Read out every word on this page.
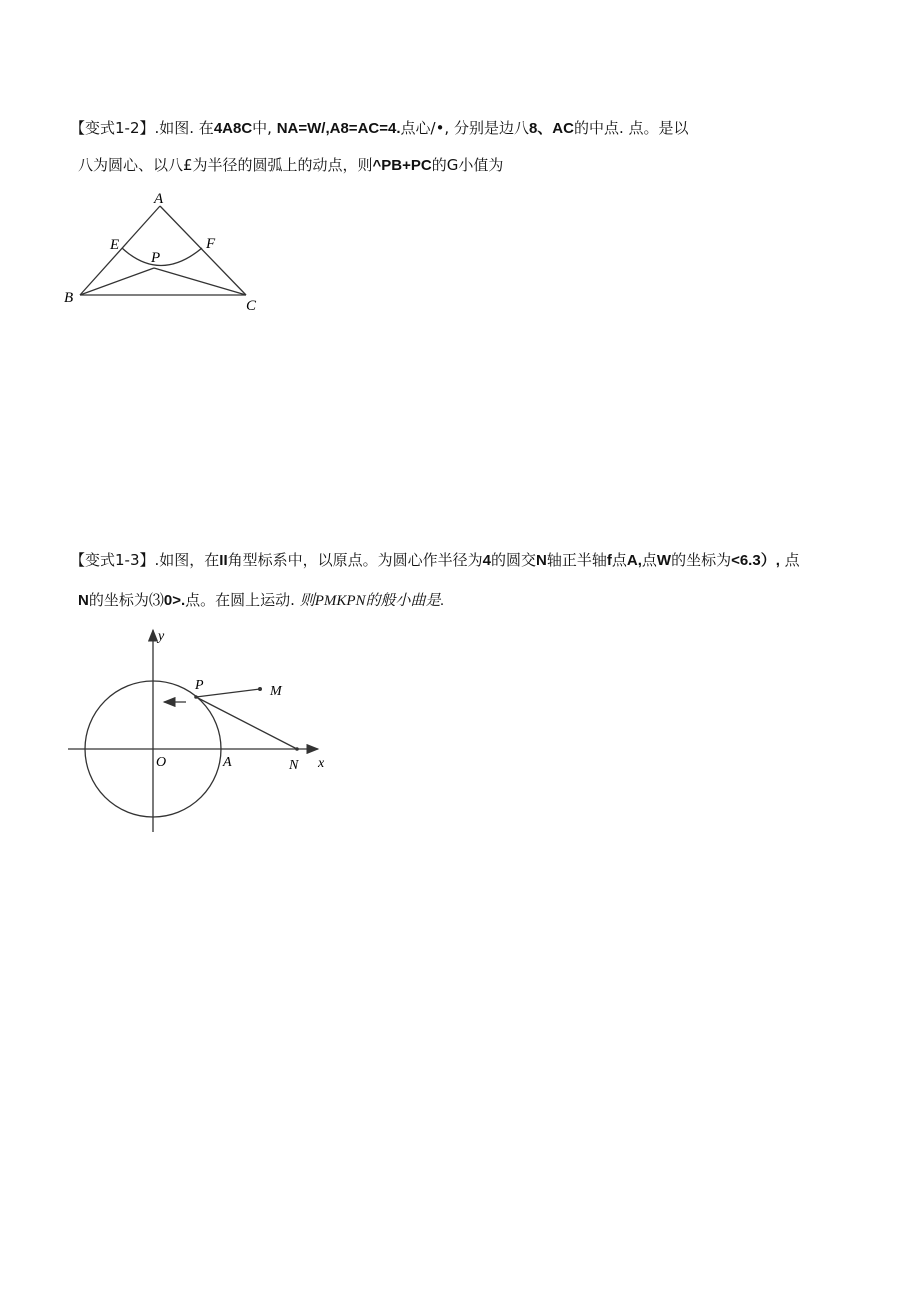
【变式1-2】.如图. 在4A8C中, NA=W/,A8=AC=4.点心/•, 分别是边八8、AC的中点. 点。是以
八为圆心、以八£为半径的圆弧上的动点，则^PB+PC的G小值为
A
E	F
P
B	C
【变式1-3】.如图，在II角型标系中，以原点。为圆心作半径为4的圆交N轴正半轴f点A,点W的坐标为<6.3）, 点
N的坐标为⑶0>.点。在圆上运动. 则PMKPN的般小曲是.
y
x
O	A	N
P	M
